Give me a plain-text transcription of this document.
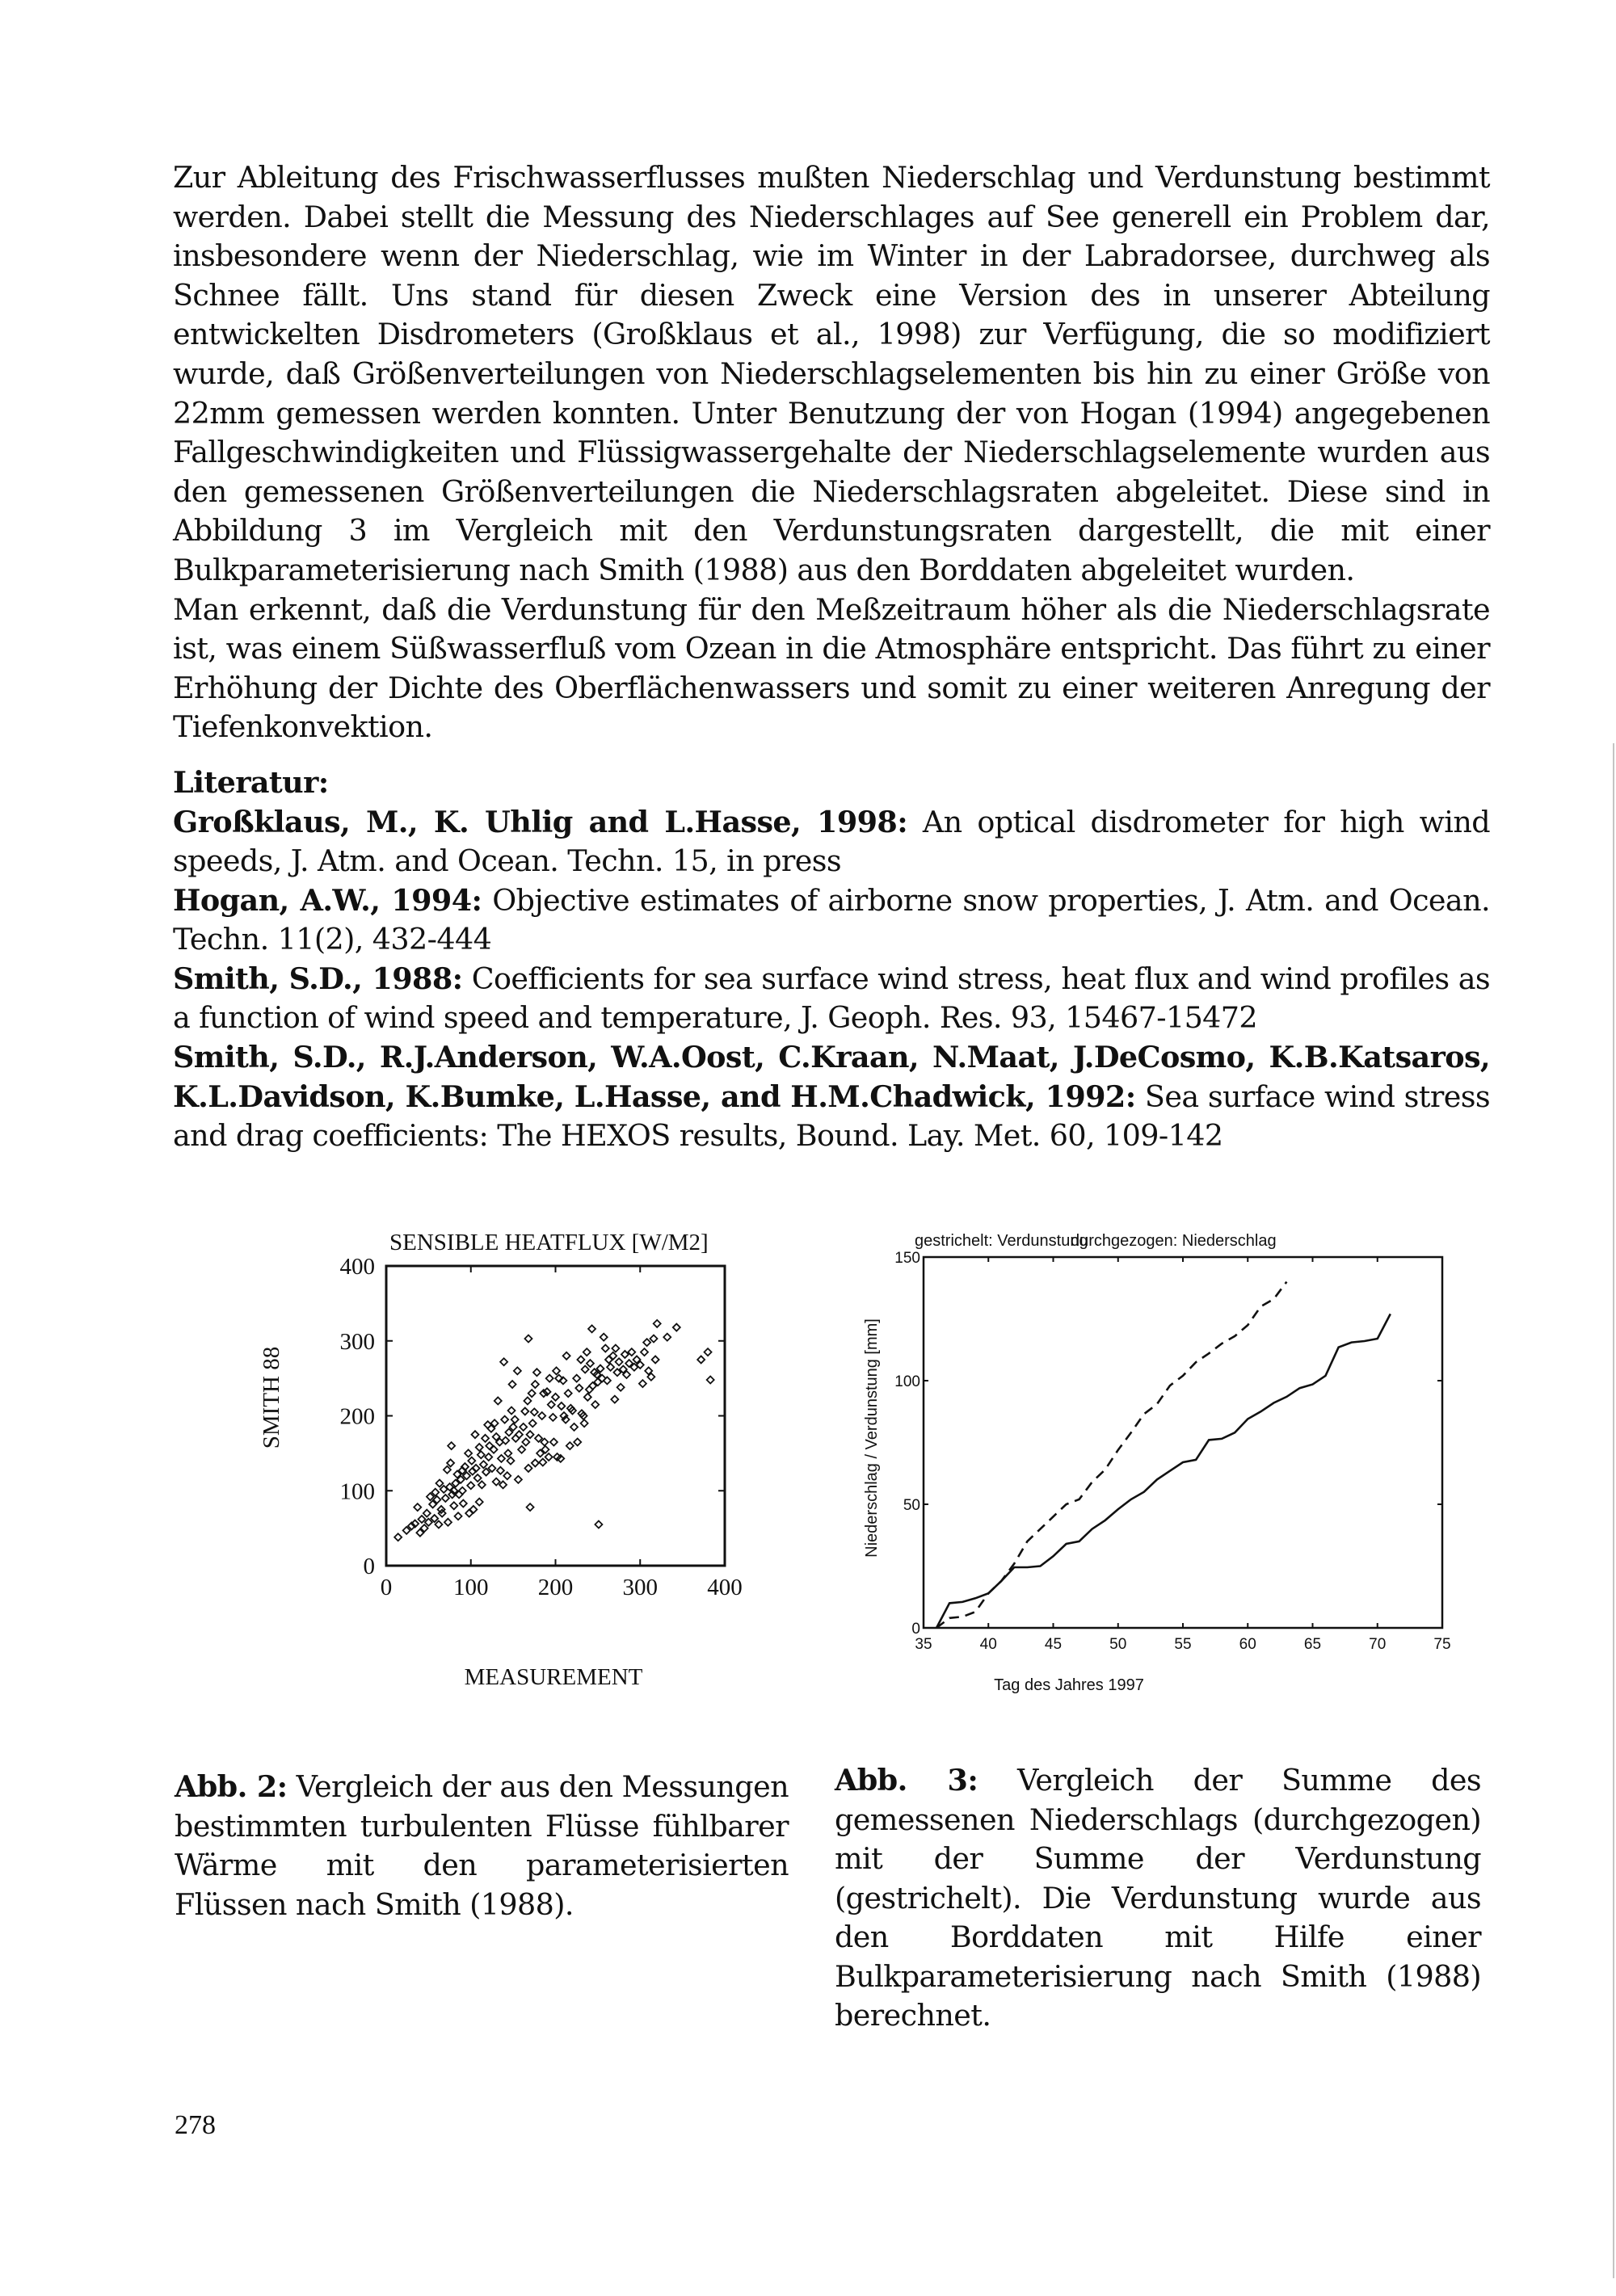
Zur Ableitung des Frischwasserflusses mußten Niederschlag und Verdunstung bestimmt werden. Dabei stellt die Messung des Niederschlages auf See generell ein Problem dar, insbesondere wenn der Niederschlag, wie im Winter in der Labradorsee, durchweg als Schnee fällt. Uns stand für diesen Zweck eine Version des in unserer Abteilung entwickelten Disdrometers (Großklaus et al., 1998) zur Verfügung, die so modifiziert wurde, daß Größenverteilungen von Niederschlagselementen bis hin zu einer Größe von 22mm gemessen werden konnten. Unter Benutzung der von Hogan (1994) angegebenen Fallgeschwindigkeiten und Flüssigwassergehalte der Niederschlagselemente wurden aus den gemessenen Größenverteilungen die Niederschlagsraten abgeleitet. Diese sind in Abbildung 3 im Vergleich mit den Verdunstungsraten dargestellt, die mit einer Bulkparameterisierung nach Smith (1988) aus den Borddaten abgeleitet wurden.

Man erkennt, daß die Verdunstung für den Meßzeitraum höher als die Niederschlagsrate ist, was einem Süßwasserfluß vom Ozean in die Atmosphäre entspricht. Das führt zu einer Erhöhung der Dichte des Oberflächenwassers und somit zu einer weiteren Anregung der Tiefenkonvektion.

Literatur:

Großklaus, M., K. Uhlig and L.Hasse, 1998: An optical disdrometer for high wind speeds, J. Atm. and Ocean. Techn. 15, in press

Hogan, A.W., 1994: Objective estimates of airborne snow properties, J. Atm. and Ocean. Techn. 11(2), 432-444

Smith, S.D., 1988: Coefficients for sea surface wind stress, heat flux and wind profiles as a function of wind speed and temperature, J. Geoph. Res. 93, 15467-15472

Smith, S.D., R.J.Anderson, W.A.Oost, C.Kraan, N.Maat, J.DeCosmo, K.B.Katsaros, K.L.Davidson, K.Bumke, L.Hasse, and H.M.Chadwick, 1992: Sea surface wind stress and drag coefficients: The HEXOS results, Bound. Lay. Met. 60, 109-142

SENSIBLE HEATFLUX [W/M2]
0
100
200
300
400
0	100 200 300 400
MEASUREMENT
SMITH 88
gestrichelt: Verdunstung
durchgezogen: Niederschlag
0
50
100
150
35	40	45	50	55	60	65	70	75
Tag des Jahres 1997
Niederschlag / Verdunstung [mm]
Abb. 2: Vergleich der aus den Messungen bestimmten turbulenten Flüsse fühlbarer Wärme mit den parameterisierten Flüssen nach Smith (1988).
Abb. 3: Vergleich der Summe des gemessenen Niederschlags (durchgezogen) mit der Summe der Verdunstung (gestrichelt). Die Verdunstung wurde aus den Borddaten mit Hilfe einer Bulkparameterisierung nach Smith (1988) berechnet.
278
